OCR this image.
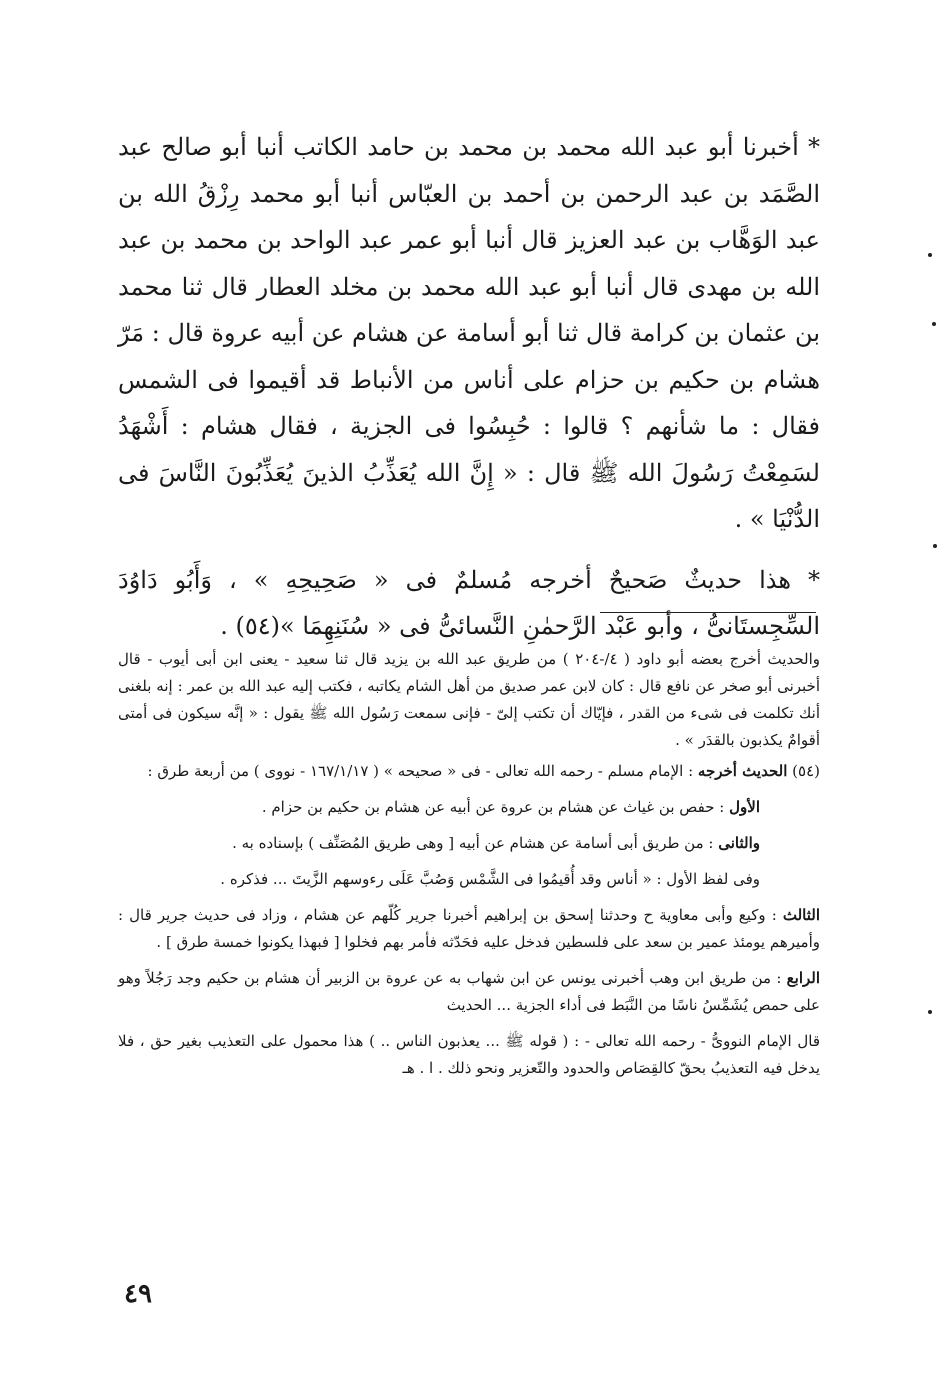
* أخبرنا أبو عبد الله محمد بن محمد بن حامد الكاتب أنبا أبو صالح عبد الصَّمَد بن عبد الرحمن بن أحمد بن العبّاس أنبا أبو محمد رِزْقُ الله بن عبد الوَهَّاب بن عبد العزيز قال أنبا أبو عمر عبد الواحد بن محمد بن عبد الله بن مهدى قال أنبا أبو عبد الله محمد بن مخلد العطار قال ثنا محمد بن عثمان بن كرامة قال ثنا أبو أسامة عن هشام عن أبيه عروة قال : مَرّ هشام بن حكيم بن حزام على أناس من الأنباط قد أقيموا فى الشمس فقال : ما شأنهم ؟ قالوا : حُبِسُوا فى الجزية ، فقال هشام : أَشْهَدُ لسَمِعْتُ رَسُولَ الله ﷺ قال : « إِنَّ الله يُعَذِّبُ الذينَ يُعَذِّبُونَ النَّاسَ فى الدُّنْيَا » .

* هذا حديثٌ صَحيحٌ أخرجه مُسلمٌ فى « صَحِيحِهِ » ، وَأَبُو دَاوُدَ السِّجِستَانىُّ ، وأبو عَبْد الرَّحمٰنِ النَّسائىُّ فى « سُنَنِهِمَا »(٥٤) .

والحديث أخرج بعضه أبو داود ( ٤/-٢٠٤ ) من طريق عبد الله بن يزيد قال ثنا سعيد - يعنى ابن أبى أيوب - قال أخبرنى أبو صخر عن نافع قال : كان لابن عمر صديق من أهل الشام يكاتبه ، فكتب إليه عبد الله بن عمر : إنه بلغنى أنك تكلمت فى شىء من القدر ، فإيّاك أن تكتب إلىّ - فإنى سمعت رَسُول الله ﷺ يقول : « إنَّه سيكون فى أمتى أقوامٌ يكذبون بالقدَر » .

(٥٤) الحديث أخرجه : الإمام مسلم - رحمه الله تعالى - فى « صحيحه » ( ١٦٧/١/١٧ - نووى ) من أربعة طرق :

الأول : حفص بن غياث عن هشام بن عروة عن أبيه عن هشام بن حكيم بن حزام .

والثانى : من طريق أبى أسامة عن هشام عن أبيه [ وهى طريق المُصَنِّف ) بإسناده به .

وفى لفظ الأول : « أناس وقد أُقيمُوا فى الشَّمْس وَصُبَّ عَلَى رءوسهم الزَّيتَ ... فذكره .

الثالث : وكيع وأبى معاوية ح وحدثنا إسحق بن إبراهيم أخبرنا جرير كُلّهم عن هشام ، وزاد فى حديث جرير قال : وأميرهم يومئذ عمير بن سعد على فلسطين فدخل عليه فحَدّثه فأمر بهم فخلوا [ فبهذا يكونوا خمسة طرق ] .

الرابع : من طريق ابن وهب أخبرنى يونس عن ابن شهاب به عن عروة بن الزبير أن هشام بن حكيم وجد رَجُلاً وهو على حمص يُشَمِّسُ ناسًا من النَّبَط فى أداء الجزية ... الحديث

قال الإمام النووىُّ - رحمه الله تعالى - : ( قوله ﷺ ... يعذبون الناس .. ) هذا محمول على التعذيب بغير حق ، فلا يدخل فيه التعذيبُ بحقّ كالقِصَاص والحدود والتّعزير ونحو ذلك . ا . هـ

٤٩
